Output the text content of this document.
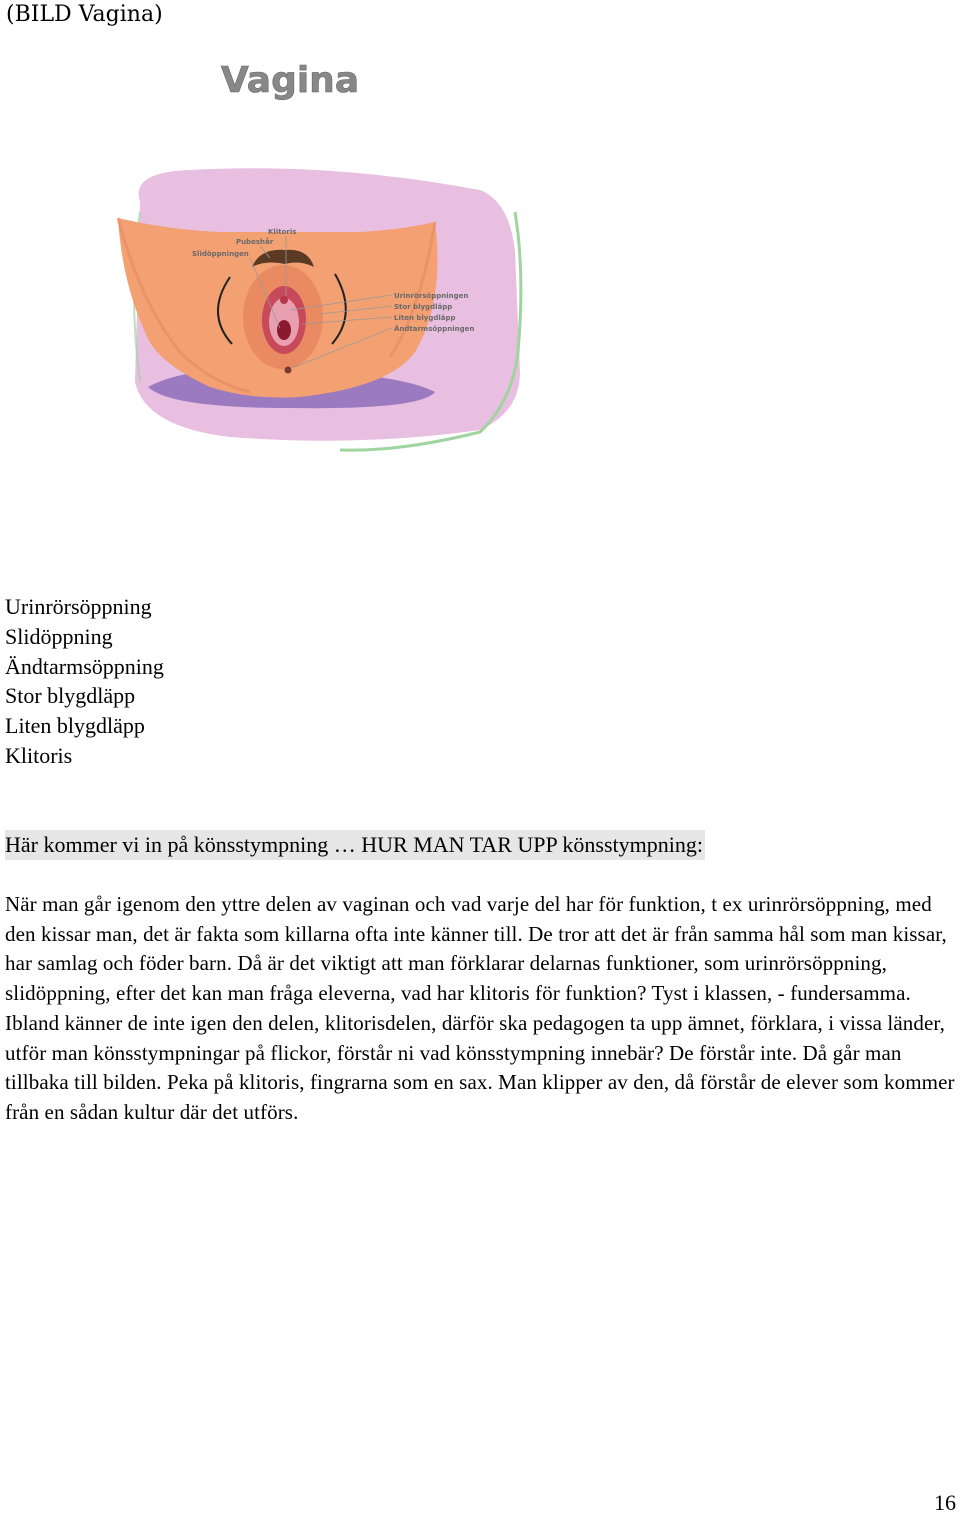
(BILD Vagina)
Vagina
Klitoris
Pubeshår
Slidöppningen
Urinrörsöppningen
Stor blygdläpp
Liten blygdläpp
Ändtarmsöppningen
Urinrörsöppning
Slidöppning
Ändtarmsöppning
Stor blygdläpp
Liten blygdläpp
Klitoris
Här kommer vi in på könsstympning … HUR MAN TAR UPP könsstympning:

När man går igenom den yttre delen av vaginan och vad varje del har för funktion, t ex urinrörsöppning, med den kissar man, det är fakta som killarna ofta inte känner till. De tror att det är från samma hål som man kissar, har samlag och föder barn. Då är det viktigt att man förklarar delarnas funktioner, som urinrörsöppning, slidöppning, efter det kan man fråga eleverna, vad har klitoris för funktion? Tyst i klassen, - fundersamma. Ibland känner de inte igen den delen, klitorisdelen, därför ska pedagogen ta upp ämnet, förklara, i vissa länder, utför man könsstympningar på flickor, förstår ni vad könsstympning innebär? De förstår inte. Då går man tillbaka till bilden. Peka på klitoris, fingrarna som en sax. Man klipper av den, då förstår de elever som kommer från en sådan kultur där det utförs.

16
